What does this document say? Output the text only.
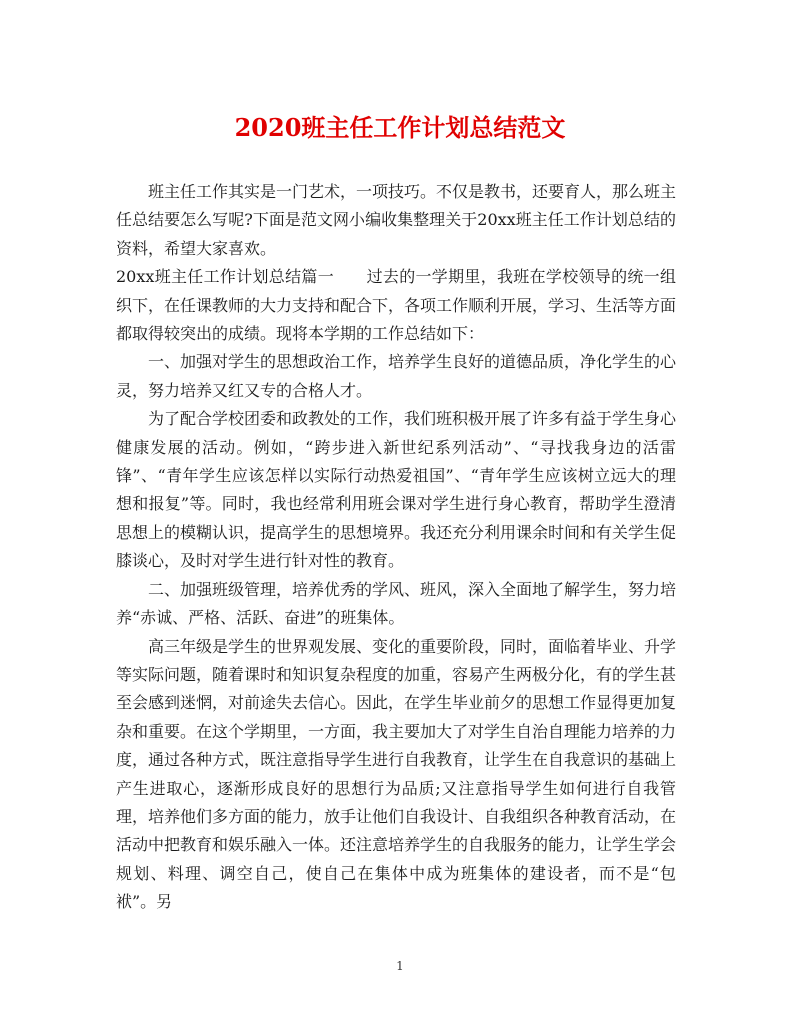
2020班主任工作计划总结范文

班主任工作其实是一门艺术，一项技巧。不仅是教书，还要育人，那么班主任总结要怎么写呢?下面是范文网小编收集整理关于20xx班主任工作计划总结的资料，希望大家喜欢。

20xx班主任工作计划总结篇一　　过去的一学期里，我班在学校领导的统一组织下，在任课教师的大力支持和配合下，各项工作顺利开展，学习、生活等方面都取得较突出的成绩。现将本学期的工作总结如下：

一、加强对学生的思想政治工作，培养学生良好的道德品质，净化学生的心灵，努力培养又红又专的合格人才。

为了配合学校团委和政教处的工作，我们班积极开展了许多有益于学生身心健康发展的活动。例如，“跨步进入新世纪系列活动”、“寻找我身边的活雷锋”、“青年学生应该怎样以实际行动热爱祖国”、“青年学生应该树立远大的理想和报复”等。同时，我也经常利用班会课对学生进行身心教育，帮助学生澄清思想上的模糊认识，提高学生的思想境界。我还充分利用课余时间和有关学生促膝谈心，及时对学生进行针对性的教育。

二、加强班级管理，培养优秀的学风、班风，深入全面地了解学生，努力培养“赤诚、严格、活跃、奋进”的班集体。

高三年级是学生的世界观发展、变化的重要阶段，同时，面临着毕业、升学等实际问题，随着课时和知识复杂程度的加重，容易产生两极分化，有的学生甚至会感到迷惘，对前途失去信心。因此，在学生毕业前夕的思想工作显得更加复杂和重要。在这个学期里，一方面，我主要加大了对学生自治自理能力培养的力度，通过各种方式，既注意指导学生进行自我教育，让学生在自我意识的基础上产生进取心，逐渐形成良好的思想行为品质;又注意指导学生如何进行自我管理，培养他们多方面的能力，放手让他们自我设计、自我组织各种教育活动，在活动中把教育和娱乐融入一体。还注意培养学生的自我服务的能力，让学生学会规划、料理、调空自己，使自己在集体中成为班集体的建设者，而不是“包袱”。另

1
